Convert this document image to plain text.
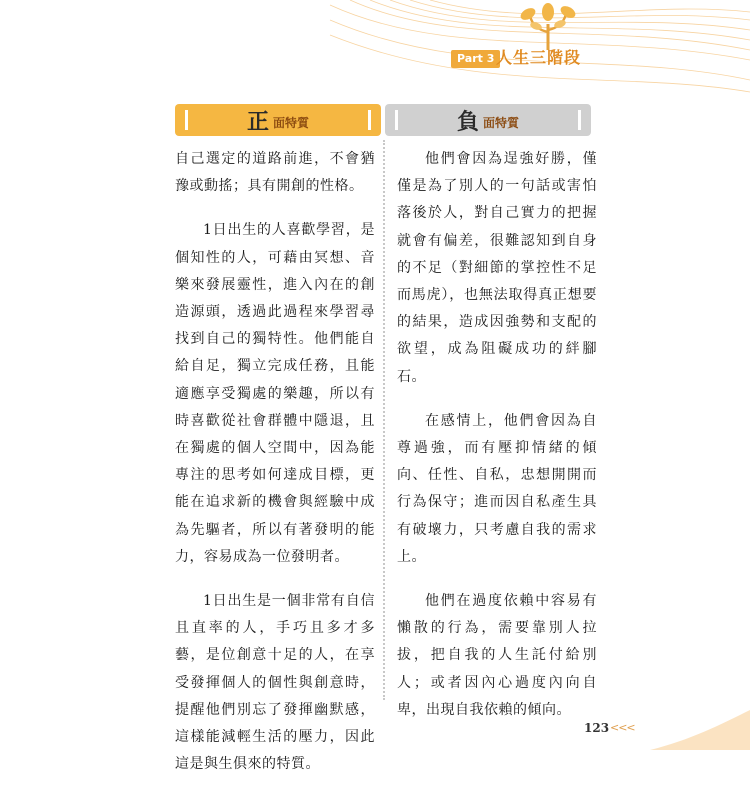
Part 3 人生三階段
正 面特質	負 面特質

自己選定的道路前進，不會猶豫或動搖；具有開創的性格。

1日出生的人喜歡學習，是個知性的人，可藉由冥想、音樂來發展靈性，進入內在的創造源頭，透過此過程來學習尋找到自己的獨特性。他們能自給自足，獨立完成任務，且能適應享受獨處的樂趣，所以有時喜歡從社會群體中隱退，且在獨處的個人空間中，因為能專注的思考如何達成目標，更能在追求新的機會與經驗中成為先驅者，所以有著發明的能力，容易成為一位發明者。

1日出生是一個非常有自信且直率的人，手巧且多才多藝，是位創意十足的人，在享受發揮個人的個性與創意時，提醒他們別忘了發揮幽默感，這樣能減輕生活的壓力，因此這是與生俱來的特質。

他們會因為逞強好勝，僅僅是為了別人的一句話或害怕落後於人，對自己實力的把握就會有偏差，很難認知到自身的不足（對細節的掌控性不足而馬虎），也無法取得真正想要的結果，造成因強勢和支配的欲望，成為阻礙成功的絆腳石。

在感情上，他們會因為自尊過強，而有壓抑情緒的傾向、任性、自私，忠想開開而行為保守；進而因自私產生具有破壞力，只考慮自我的需求上。

他們在過度依賴中容易有懶散的行為，需要靠別人拉拔，把自我的人生託付給別人；或者因內心過度內向自卑，出現自我依賴的傾向。

123 <<<
